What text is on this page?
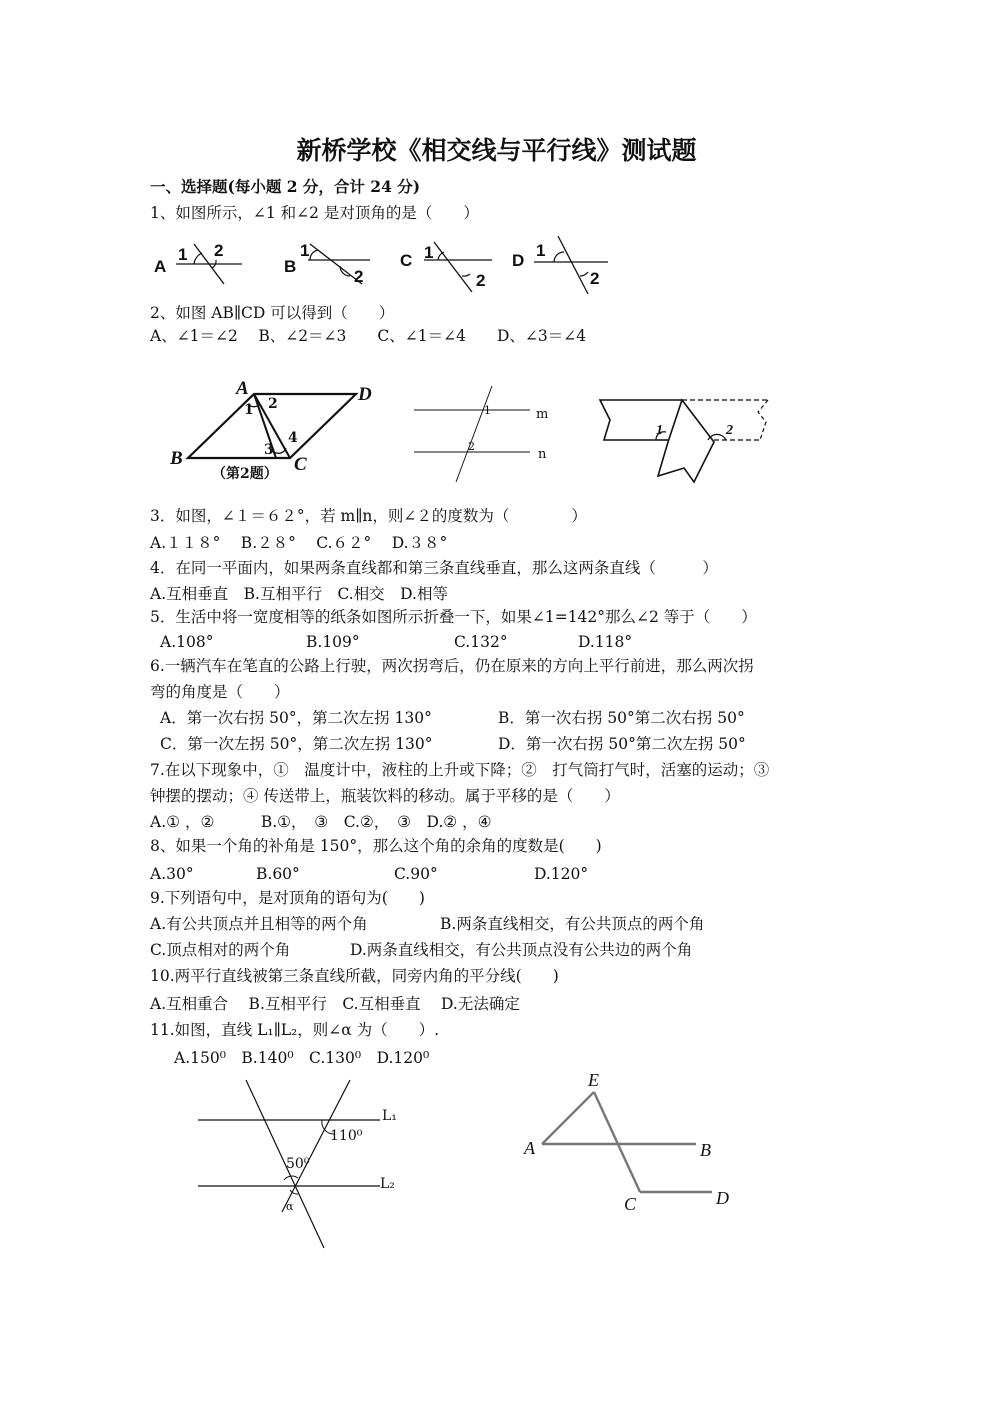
新桥学校《相交线与平行线》测试题
一、选择题(每小题 2 分，合计 24 分)
1、如图所示，∠1 和∠2 是对顶角的是（　　）
A
1 2
B
1
2
C 1
2
D
1
2
2、如图 AB∥CD 可以得到（　　）
A、∠1＝∠2　 B、∠2＝∠3　　C、∠1＝∠4　　D、∠3＝∠4
A	D
B	C
1 2
3
4
（第2题）
m
n
1
2
1	2
3．如图，∠１＝６２°，若 m∥n，则∠２的度数为（　　　　）
A.１１８°　 B.２８°　 C.６２°　 D.３８°
4．在同一平面内，如果两条直线都和第三条直线垂直，那么这两条直线（　　　）
A.互相垂直　B.互相平行　C.相交　D.相等
5．生活中将一宽度相等的纸条如图所示折叠一下，如果∠1=142°那么∠2 等于（　　）
A.108°	B.109°	C.132°	D.118°
6.一辆汽车在笔直的公路上行驶，两次拐弯后，仍在原来的方向上平行前进，那么两次拐
弯的角度是（　　）
A．第一次右拐 50°，第二次左拐 130°	B．第一次右拐 50°第二次右拐 50°
C．第一次左拐 50°，第二次左拐 130°	D．第一次右拐 50°第二次左拐 50°
7.在以下现象中，①　温度计中，液柱的上升或下降；②　打气筒打气时，活塞的运动；③
钟摆的摆动；④ 传送带上，瓶装饮料的移动。属于平移的是（　　）
A.① ，②　　　B.①，　③　C.②，　③　D.② ，④
8、如果一个角的补角是 150°，那么这个角的余角的度数是(　　)
A.30°	B.60°	C.90°	D.120°
9.下列语句中，是对顶角的语句为(　　)
A.有公共顶点并且相等的两个角	B.两条直线相交，有公共顶点的两个角
C.顶点相对的两个角	D.两条直线相交，有公共顶点没有公共边的两个角
10.两平行直线被第三条直线所截，同旁内角的平分线(　　)
A.互相重合　 B.互相平行　C.互相垂直　 D.无法确定
11.如图，直线 L₁∥L₂，则∠α 为（　　）.
A.150⁰　B.140⁰　C.130⁰　D.120⁰
L₁
L₂
110⁰
50⁰
α
E
A	B
C	D
